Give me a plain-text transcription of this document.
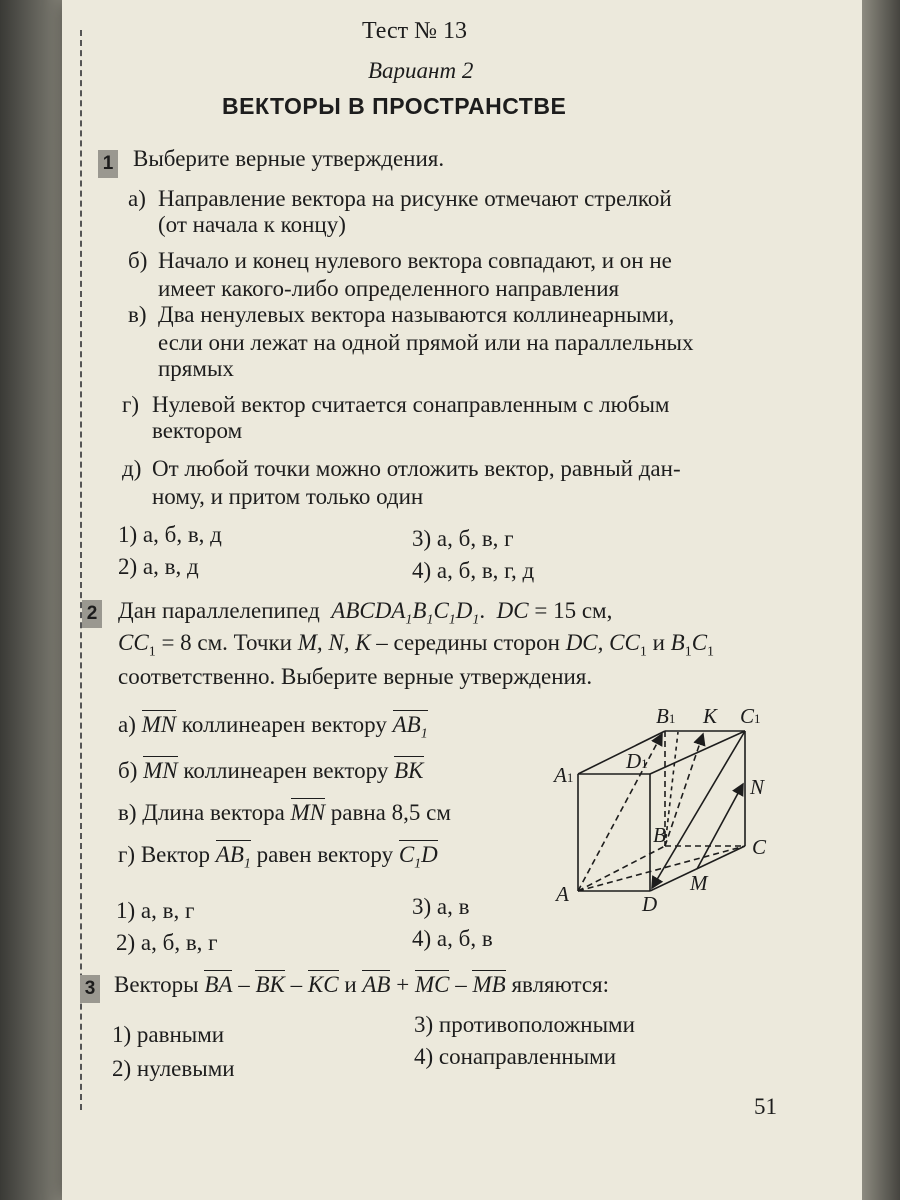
Тест № 13
Вариант 2
ВЕКТОРЫ В ПРОСТРАНСТВЕ
1 Выберите верные утверждения.
а) Направление вектора на рисунке отмечают стрелкой
(от начала к концу)
б) Начало и конец нулевого вектора совпадают, и он не
имеет какого-либо определенного направления
в) Два ненулевых вектора называются коллинеарными,
если они лежат на одной прямой или на параллельных
прямых
г) Нулевой вектор считается сонаправленным с любым
вектором
д) От любой точки можно отложить вектор, равный дан-
ному, и притом только один
1) а, б, в, д
2) а, в, д
3) а, б, в, г
4) а, б, в, г, д
2 Дан параллелепипед $ABCDA_1B_1C_1D_1$.  DC = 15 см,
$CC_1 = 8$ см. Точки M, N, K – середины сторон DC, $CC_1$ и $B_1C_1$
соответственно. Выберите верные утверждения.
а) MN коллинеарен вектору $AB_1$
б) MN коллинеарен вектору BK
в) Длина вектора MN равна 8,5 см
г) Вектор $AB_1$ равен вектору $C_1D$
1) а, в, г
2) а, б, в, г
3) а, в
4) а, б, в
B1 K C1
A1
D1
N
B	C
M
A	D
3 Векторы BA – BK – KC и AB + MC – MB являются:
1) равными
2) нулевыми
3) противоположными
4) сонаправленными
51
